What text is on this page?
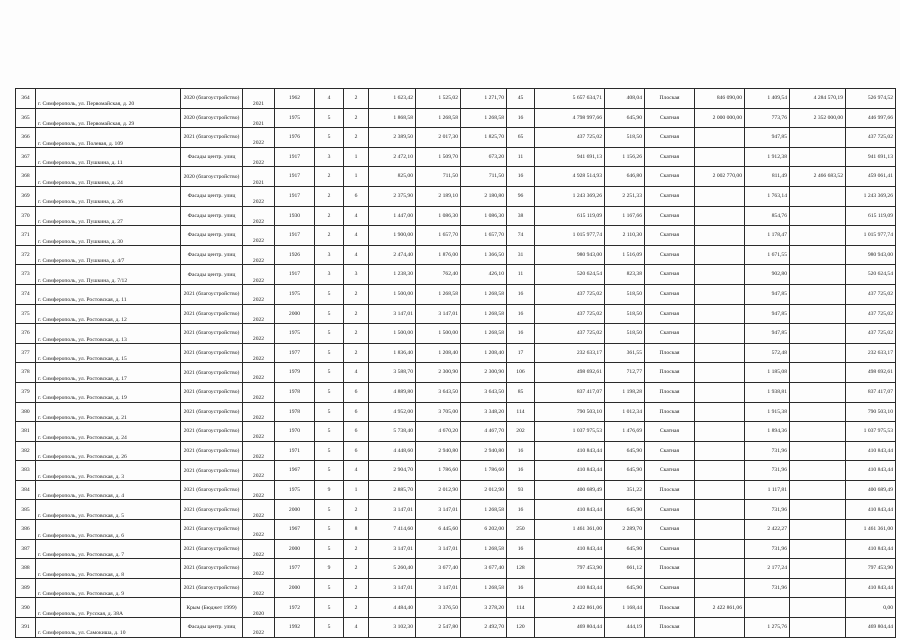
364	г. Симферополь, ул. Первомайская, д. 20	2020 (благоустройство)	2021	1962	4	2	1 623,42	1 525,02	1 271,70	45	5 657 634,71	408,04	Плоская	846 090,00	1 409,54	4 284 570,19	526 974,52
365	г. Симферополь, ул. Первомайская, д. 29	2020 (благоустройство)	2021	1975	5	2	1 868,58	1 268,58	1 268,58	16	4 798 997,66	645,90	Скатная	2 000 000,00	773,76	2 352 000,00	446 997,66
366	г. Симферополь, ул. Полевая, д. 109	2021 (благоустройство)	2022	1976	5	2	2 389,50	2 017,30	1 825,70	65	437 725,02	518,50	Скатная		947,85		437 725,02
367	г. Симферополь, ул. Пушкина, д. 11	Фасады центр. улиц	2022	1917	3	1	2 472,10	1 509,70	673,20	11	941 691,13	1 156,26	Скатная		1 912,38		941 691,13
368	г. Симферополь, ул. Пушкина, д. 24	2020 (благоустройство)	2021	1917	2	1	825,00	711,50	711,50	16	4 928 514,93	646,80	Скатная	2 002 770,00	811,49	2 466 683,52	459 061,41
369	г. Симферополь, ул. Пушкина, д. 26	Фасады центр. улиц	2022	1917	2	6	2 375,90	2 189,10	2 180,80	96	1 243 369,26	2 251,33	Скатная		1 763,14		1 243 369,26
370	г. Симферополь, ул. Пушкина, д. 27	Фасады центр. улиц	2022	1930	2	4	1 447,00	1 086,30	1 086,30	38	615 119,09	1 167,66	Скатная		854,76		615 119,09
371	г. Симферополь, ул. Пушкина, д. 30	Фасады центр. улиц	2022	1917	2	4	1 900,00	1 657,70	1 657,70	74	1 015 977,74	2 110,30	Скатная		1 178,47		1 015 977,74
372	г. Симферополь, ул. Пушкина, д. 4/7	Фасады центр. улиц	2022	1926	3	4	2 474,40	1 876,00	1 366,50	31	980 943,00	1 516,09	Скатная		1 671,55		980 943,00
373	г. Симферополь, ул. Пушкина, д. 7/12	Фасады центр. улиц	2022	1917	3	3	1 238,30	762,40	426,10	11	520 624,54	823,38	Скатная		902,80		520 624,54
374	г. Симферополь, ул. Ростовская, д. 11	2021 (благоустройство)	2022	1975	5	2	1 500,00	1 268,58	1 268,58	16	437 725,02	518,50	Скатная		947,85		437 725,02
375	г. Симферополь, ул. Ростовская, д. 12	2021 (благоустройство)	2022	2000	5	2	3 147,01	3 147,01	1 268,58	16	437 725,02	518,50	Скатная		947,85		437 725,02
376	г. Симферополь, ул. Ростовская, д. 13	2021 (благоустройство)	2022	1975	5	2	1 500,00	1 500,00	1 268,58	16	437 725,02	518,50	Скатная		947,85		437 725,02
377	г. Симферополь, ул. Ростовская, д. 15	2021 (благоустройство)	2022	1977	5	2	1 836,40	1 208,40	1 208,40	17	232 633,17	361,55	Плоская		572,48		232 633,17
378	г. Симферополь, ул. Ростовская, д. 17	2021 (благоустройство)	2022	1979	5	4	3 588,70	2 300,90	2 300,90	106	498 692,61	712,77	Плоская		1 185,08		498 692,61
379	г. Симферополь, ул. Ростовская, д. 19	2021 (благоустройство)	2022	1978	5	6	4 889,80	3 643,50	3 643,50	85	837 417,07	1 198,28	Плоская		1 938,81		837 417,07
380	г. Симферополь, ул. Ростовская, д. 21	2021 (благоустройство)	2022	1978	5	6	4 952,00	3 705,00	3 348,20	114	790 503,10	1 012,34	Плоская		1 915,38		790 503,10
381	г. Симферополь, ул. Ростовская, д. 24	2021 (благоустройство)	2022	1970	5	6	5 738,40	4 670,20	4 467,70	202	1 037 975,53	1 476,69	Скатная		1 894,36		1 037 975,53
382	г. Симферополь, ул. Ростовская, д. 26	2021 (благоустройство)	2022	1971	5	6	4 448,60	2 940,80	2 940,80	16	410 843,44	645,90	Скатная		731,96		410 843,44
383	г. Симферополь, ул. Ростовская, д. 3	2021 (благоустройство)	2022	1967	5	4	2 904,70	1 786,60	1 786,60	16	410 843,44	645,90	Скатная		731,96		410 843,44
384	г. Симферополь, ул. Ростовская, д. 4	2021 (благоустройство)	2022	1975	9	1	2 885,70	2 012,90	2 012,90	93	400 689,49	351,22	Плоская		1 117,81		400 689,49
385	г. Симферополь, ул. Ростовская, д. 5	2021 (благоустройство)	2022	2000	5	2	3 147,01	3 147,01	1 268,58	16	410 843,44	645,90	Скатная		731,96		410 843,44
386	г. Симферополь, ул. Ростовская, д. 6	2021 (благоустройство)	2022	1967	5	8	7 414,60	6 445,60	6 202,00	250	1 461 361,00	2 289,70	Скатная		2 422,27		1 461 361,00
387	г. Симферополь, ул. Ростовская, д. 7	2021 (благоустройство)	2022	2000	5	2	3 147,01	3 147,01	1 268,58	16	410 843,44	645,90	Скатная		731,96		410 843,44
388	г. Симферополь, ул. Ростовская, д. 8	2021 (благоустройство)	2022	1977	9	2	5 260,40	3 677,40	3 677,40	128	797 453,90	661,12	Плоская		2 177,24		797 453,90
389	г. Симферополь, ул. Ростовская, д. 9	2021 (благоустройство)	2022	2000	5	2	3 147,01	3 147,01	1 268,58	16	410 843,44	645,90	Скатная		731,96		410 843,44
390	г. Симферополь, ул. Русская, д. 38А	Крым (Бюджет 1999)	2020	1972	5	2	4 484,40	3 376,50	3 278,20	114	2 422 861,06	1 168,44	Плоская	2 422 861,06			0,00
391	г. Симферополь, ул. Самокиша, д. 10	Фасады центр. улиц	2022	1992	5	4	3 102,30	2 547,80	2 492,70	120	469 804,44	444,19	Плоская		1 275,76		469 804,44
